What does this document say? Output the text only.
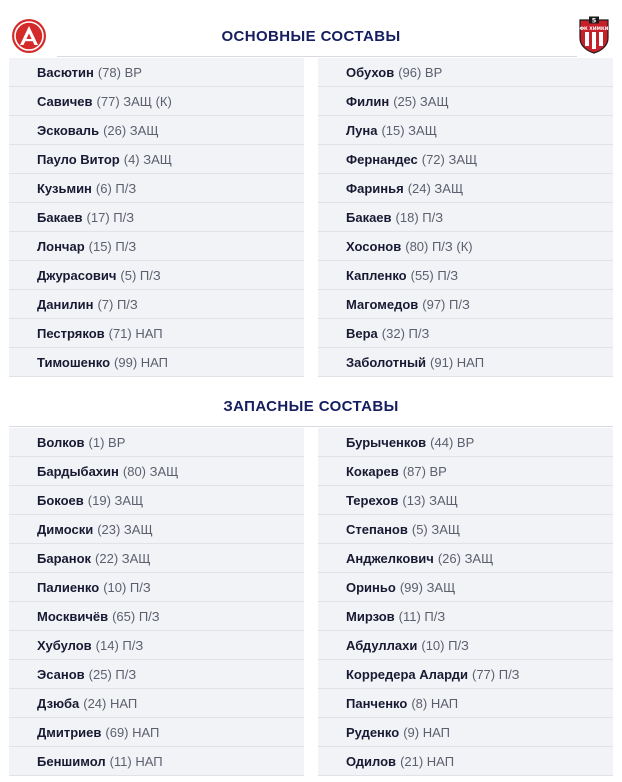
5
ФК ХИМКИ
ОСНОВНЫЕ СОСТАВЫ
Васютин (78) ВР
Савичев (77) ЗАЩ (К)
Эсковаль (26) ЗАЩ
Пауло Витор (4) ЗАЩ
Кузьмин (6) П/З
Бакаев (17) П/З
Лончар (15) П/З
Джурасович (5) П/З
Данилин (7) П/З
Пестряков (71) НАП
Тимошенко (99) НАП
Обухов (96) ВР
Филин (25) ЗАЩ
Луна (15) ЗАЩ
Фернандес (72) ЗАЩ
Фаринья (24) ЗАЩ
Бакаев (18) П/З
Хосонов (80) П/З (К)
Капленко (55) П/З
Магомедов (97) П/З
Вера (32) П/З
Заболотный (91) НАП
ЗАПАСНЫЕ СОСТАВЫ
Волков (1) ВР
Бардыбахин (80) ЗАЩ
Бокоев (19) ЗАЩ
Димоски (23) ЗАЩ
Баранок (22) ЗАЩ
Палиенко (10) П/З
Москвичёв (65) П/З
Хубулов (14) П/З
Эсанов (25) П/З
Дзюба (24) НАП
Дмитриев (69) НАП
Беншимол (11) НАП
Бурыченков (44) ВР
Кокарев (87) ВР
Терехов (13) ЗАЩ
Степанов (5) ЗАЩ
Анджелкович (26) ЗАЩ
Ориньо (99) ЗАЩ
Мирзов (11) П/З
Абдуллахи (10) П/З
Корредера Аларди (77) П/З
Панченко (8) НАП
Руденко (9) НАП
Одилов (21) НАП
